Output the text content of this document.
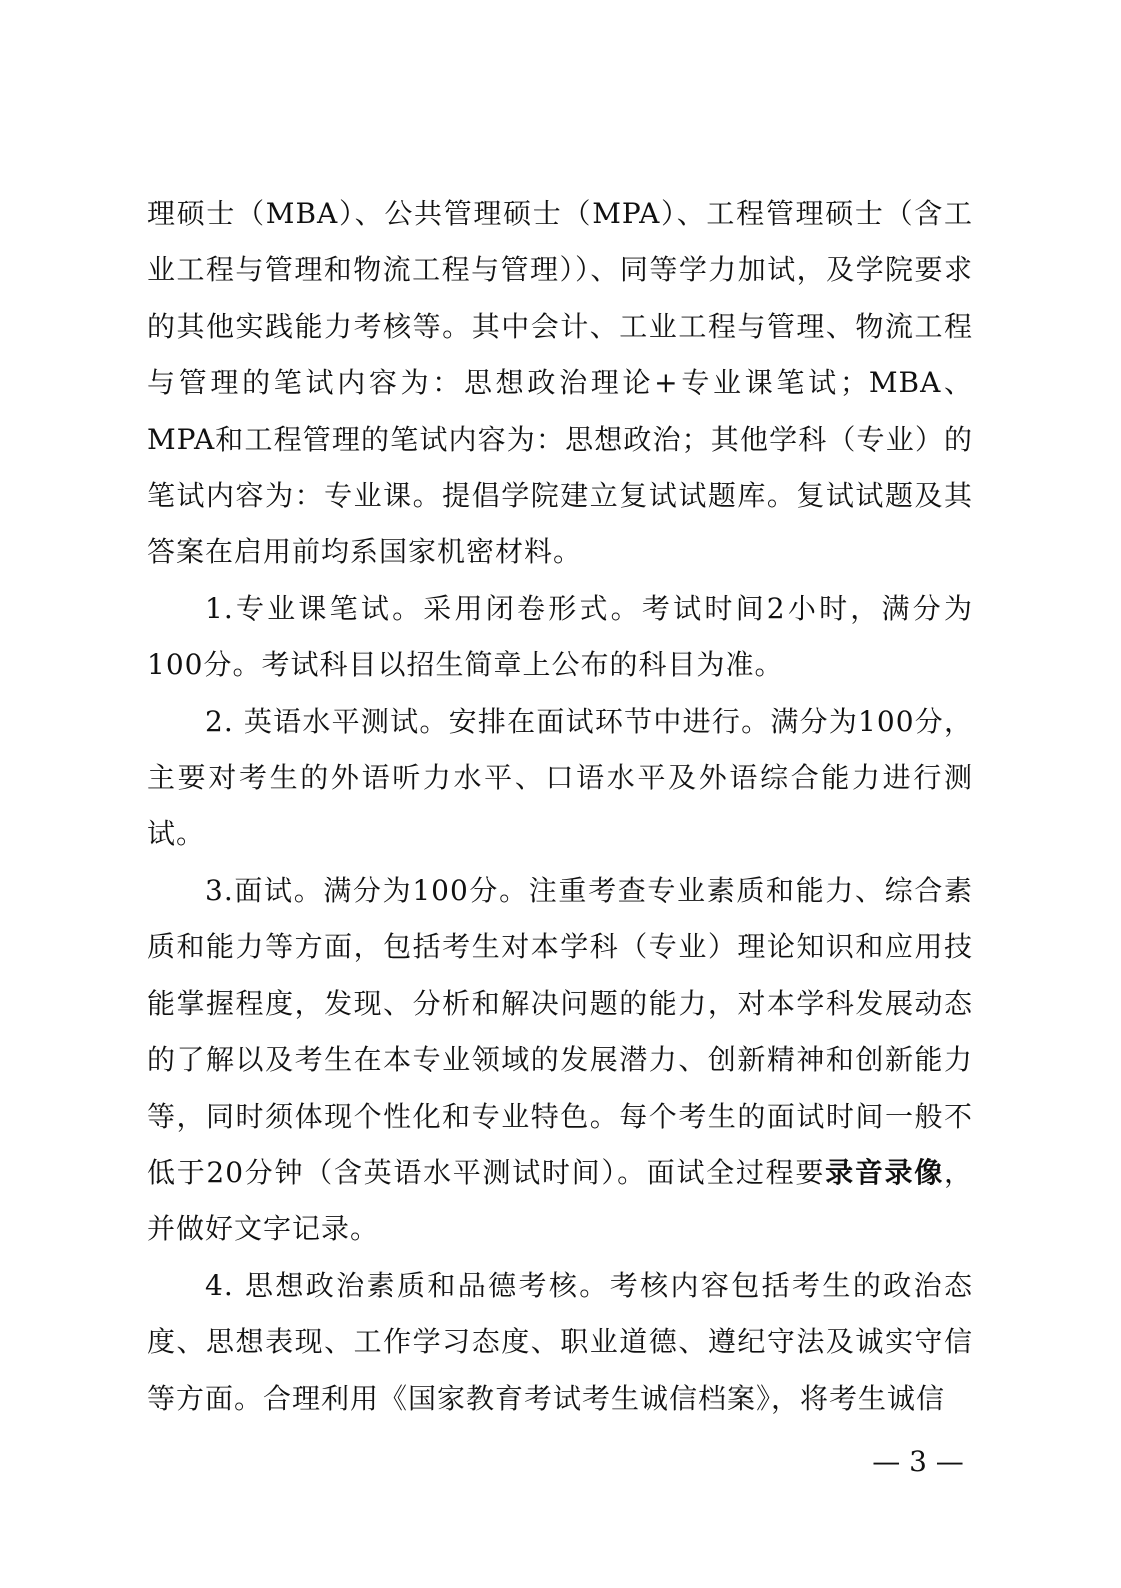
理硕士（MBA）、公共管理硕士（MPA）、工程管理硕士（含工业工程与管理和物流工程与管理））、同等学力加试，及学院要求的其他实践能力考核等。其中会计、工业工程与管理、物流工程与管理的笔试内容为：思想政治理论+专业课笔试；MBA、MPA和工程管理的笔试内容为：思想政治；其他学科（专业）的笔试内容为：专业课。提倡学院建立复试试题库。复试试题及其答案在启用前均系国家机密材料。

1.专业课笔试。采用闭卷形式。考试时间2小时，满分为100分。考试科目以招生简章上公布的科目为准。

2. 英语水平测试。安排在面试环节中进行。满分为100分，主要对考生的外语听力水平、口语水平及外语综合能力进行测试。

3.面试。满分为100分。注重考查专业素质和能力、综合素质和能力等方面，包括考生对本学科（专业）理论知识和应用技能掌握程度，发现、分析和解决问题的能力，对本学科发展动态的了解以及考生在本专业领域的发展潜力、创新精神和创新能力等，同时须体现个性化和专业特色。每个考生的面试时间一般不低于20分钟（含英语水平测试时间）。面试全过程要录音录像，并做好文字记录。

4. 思想政治素质和品德考核。考核内容包括考生的政治态度、思想表现、工作学习态度、职业道德、遵纪守法及诚实守信等方面。合理利用《国家教育考试考生诚信档案》，将考生诚信

— 3 —
